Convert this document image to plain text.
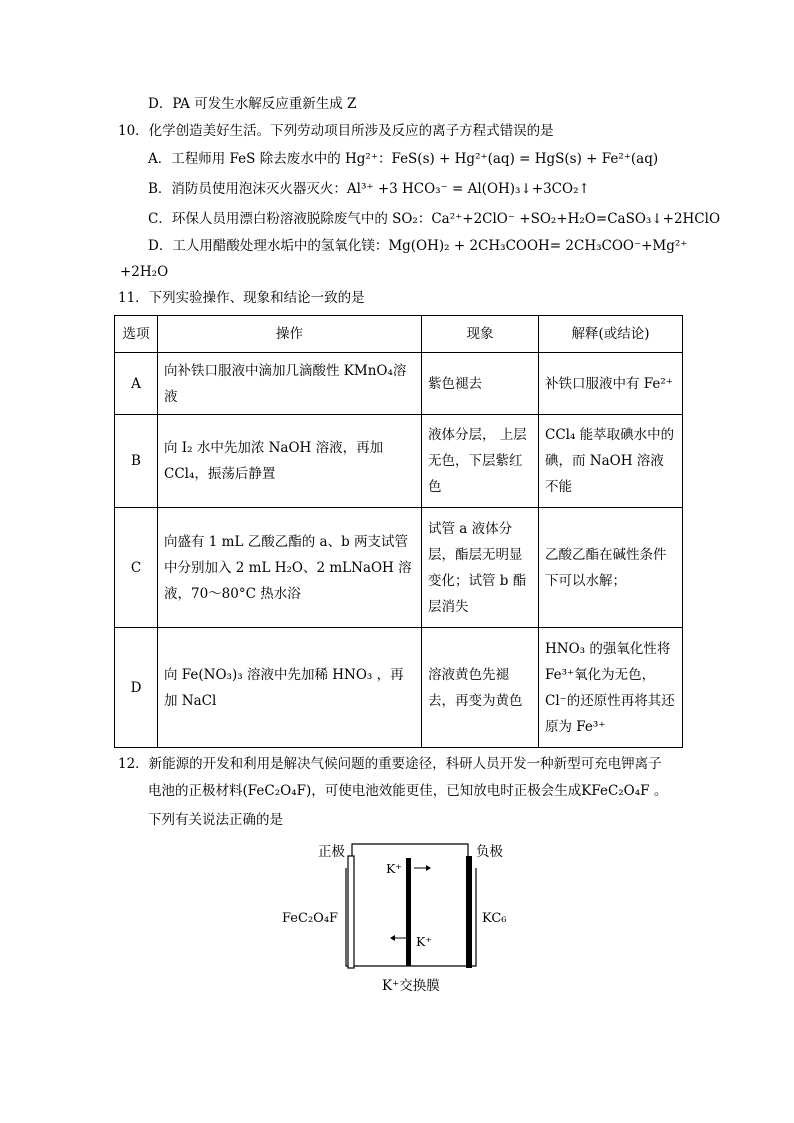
D．PA 可发生水解反应重新生成 Z
10．化学创造美好生活。下列劳动项目所涉及反应的离子方程式错误的是
A．工程师用 FeS 除去废水中的 Hg²⁺：FeS(s) + Hg²⁺(aq) = HgS(s) + Fe²⁺(aq)
B．消防员使用泡沫灭火器灭火：Al³⁺ +3 HCO₃⁻ = Al(OH)₃↓+3CO₂↑
C．环保人员用漂白粉溶液脱除废气中的 SO₂：Ca²⁺+2ClO⁻ +SO₂+H₂O=CaSO₃↓+2HClO
D．工人用醋酸处理水垢中的氢氧化镁：Mg(OH)₂ + 2CH₃COOH= 2CH₃COO⁻+Mg²⁺
+2H₂O
11．下列实验操作、现象和结论一致的是
选项	操作	现象	解释(或结论)
A	向补铁口服液中滴加几滴酸性 KMnO₄溶液	紫色褪去	补铁口服液中有 Fe²⁺
B	向 I₂ 水中先加浓 NaOH 溶液，再加 CCl₄，振荡后静置	液体分层， 上层无色，下层紫红色	CCl₄ 能萃取碘水中的碘，而 NaOH 溶液不能
C	向盛有 1 mL 乙酸乙酯的 a、b 两支试管中分别加入 2 mL H₂O、2 mLNaOH 溶液，70～80°C 热水浴	试管 a 液体分层，酯层无明显 变化；试管 b 酯层消失	乙酸乙酯在碱性条件下可以水解；
D	向 Fe(NO₃)₃ 溶液中先加稀 HNO₃ ，再加 NaCl	溶液黄色先褪去，再变为黄色	HNO₃ 的强氧化性将 Fe³⁺氧化为无色，Cl⁻的还原性再将其还原为 Fe³⁺
12．新能源的开发和利用是解决气候问题的重要途径，科研人员开发一种新型可充电钾离子
电池的正极材料(FeC₂O₄F)，可使电池效能更佳，已知放电时正极会生成KFeC₂O₄F 。
下列有关说法正确的是
正极	负极
FeC₂O₄F	KC₆
K⁺
K⁺
K⁺交换膜
